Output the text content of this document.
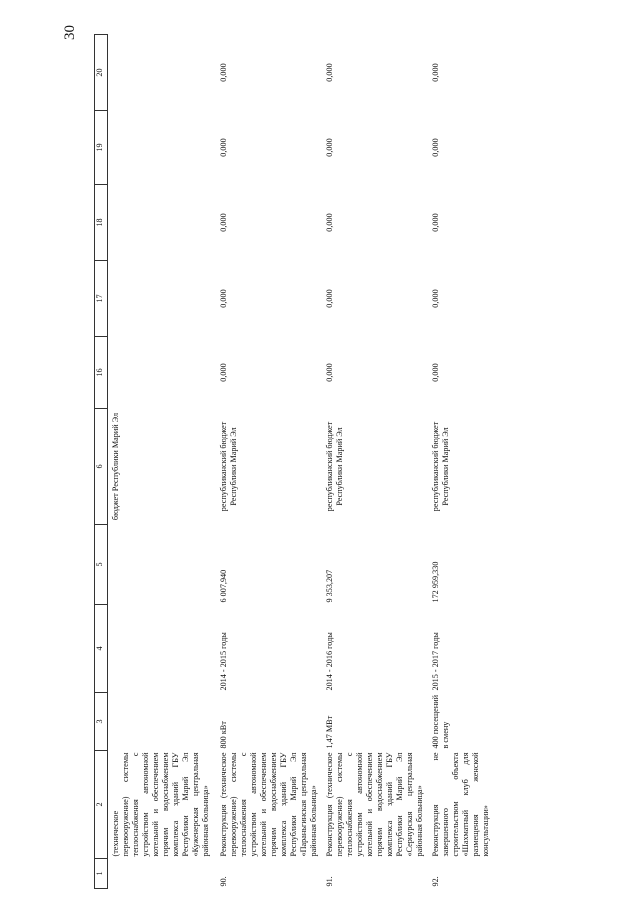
30
1	2	3	4	5	6	16	17	18	19	20
	(техническое перевооружение) системы теплоснабжения с устройством автономной котельной и обеспечением горячим водоснабжением комплекса зданий ГБУ Республики Марий Эл «Куженерская центральная районная больница»				бюджет Республики Марий Эл					
90.	Реконструкция (техническое перевооружение) системы теплоснабжения с устройством автономной котельной и обеспечением горячим водоснабжением комплекса зданий ГБУ Республики Марий Эл «Параньгинская центральная районная больница»	800 кВт	2014 - 2015 годы	6 007,940	республиканский бюджет Республики Марий Эл	0,000	0,000	0,000	0,000	0,000
91.	Реконструкция (техническое перевооружение) системы теплоснабжения с устройством автономной котельной и обеспечением горячим водоснабжением комплекса зданий ГБУ Республики Марий Эл «Сернурская центральная районная больница»	1,47 МВт	2014 - 2016 годы	9 353,207	республиканский бюджет Республики Марий Эл	0,000	0,000	0,000	0,000	0,000
92.	Реконструкция не завершенного строительством объекта «Шахматный клуб для размещения женской консультации»	400 посещений в смену	2015 - 2017 годы	172 959,330	республиканский бюджет Республики Марий Эл	0,000	0,000	0,000	0,000	0,000
